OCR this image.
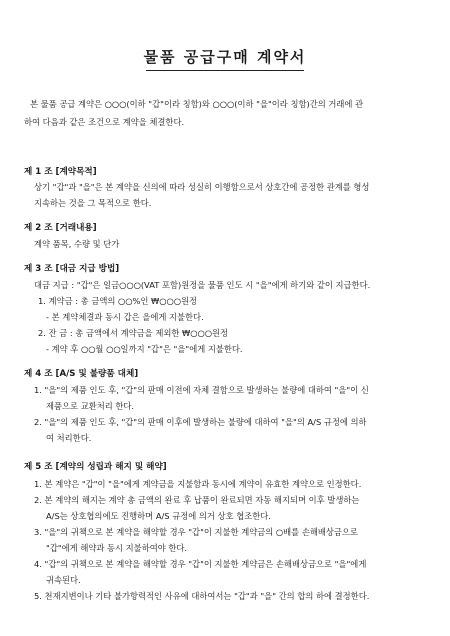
물품 공급구매 계약서
본 물품 공급 계약은 ○○○(이하 "갑"이라 칭함)와 ○○○(이하 "을"이라 칭함)간의 거래에 관
하여 다음과 같은 조건으로 계약을 체결한다.
제 1 조 [계약목적]
상기 "갑"과 "을"은 본 계약을 신의에 따라 성실히 이행함으로서 상호간에 공정한 관계를 형성
지속하는 것을 그 목적으로 한다.
제 2 조 [거래내용]
계약 품목, 수량 및 단가
제 3 조 [대금 지급 방법]
대금 지급 : "갑"은 일금○○○(VAT 포함)원정을 물품 인도 시 "을"에게 하기와 같이 지급한다.
1. 계약금 : 총 금액의 ○○%인 ₩○○○원정
- 본 계약체결과 동시 갑은 을에게 지불한다.
2. 잔 금 : 총 금액에서 계약금을 제외한 ₩○○○원정
- 계약 후 ○○월 ○○일까지 "갑"은 "을"에게 지불한다.
제 4 조 [A/S 및 불량품 대체]
1. "을"의 제품 인도 후, "갑"의 판매 이전에 자체 결함으로 발생하는 불량에 대하여 "을"이 신
제품으로 교환처리 한다.
2. "을"의 제품 인도 후, "갑"의 판매 이후에 발생하는 불량에 대하여 "을"의 A/S 규정에 의하
여 처리한다.
제 5 조 [계약의 성립과 해지 및 해약]
1. 본 계약은 "갑"이 "을"에게 계약금을 지불함과 동시에 계약이 유효한 계약으로 인정한다.
2. 본 계약의 해지는 계약 총 금액의 완료 후 납품이 완료되면 자동 해지되며 이후 발생하는
A/S는 상호협의에도 진행하며 A/S 규정에 의거 상호 협조한다.
3. "을"의 귀책으로 본 계약을 해약할 경우 "갑"이 지불한 계약금의 ○배를 손해배상금으로
"갑"에게 해약과 동시 지불하여야 한다.
4. "갑"의 귀책으로 본 계약을 해약할 경우 "갑"이 지불한 계약금은 손해배상금으로 "을"에게
귀속된다.
5. 천재지변이나 기타 불가항력적인 사유에 대하여서는 "갑"과 "을" 간의 합의 하에 결정한다.
